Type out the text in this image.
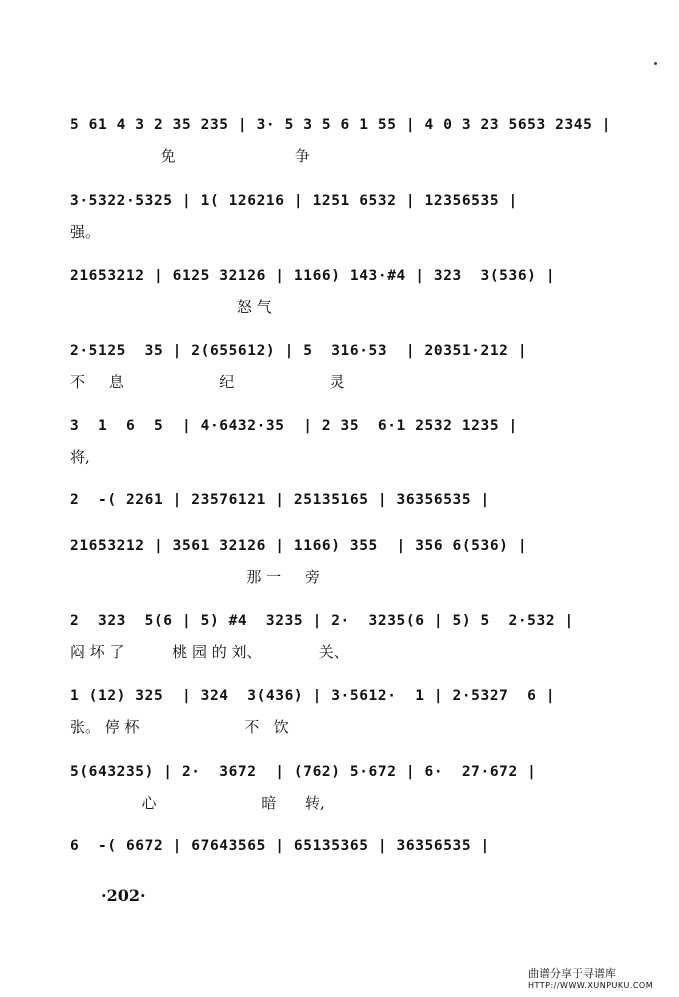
5 61 4 3 2 35 235 | 3· 5 3 5 6 1 5⁢5 | 4 0 3 23 5653 2345 |
免                         争
3·5322·5325 | 1( 126216 | 1251 6532 | 12356535 |
强。
21653212 | 6125 32126 | 1166) 143·#4 | 323  3(536) |
怒 气
2·5125  35 | 2(655612) | 5  316·53  | 20351·212 |
不     息                    纪                    灵
3  1  6  5  | 4·6432·35  | 2 35  6·1 2532 1235 |
将,
2  -( 2261 | 23576121 | 25135165 | 36356535 |
21653212 | 3561 32126 | 1166) 355  | 356 6(536) |
那 一     旁
2  323  5(6 | 5) #4  3235 | 2·  3235(6 | 5) 5  2·532 |
闷 坏 了          桃 园 的 刘、            关、
1 (12) 325  | 324  3(436) | 3·5612·  1 | 2·5327  6 |
张。 停 杯                      不   饮
5(643235) | 2·  3672  | (762) 5·672 | 6·  27·672 |
心                      暗      转,
6  -( 6672 | 67643565 | 65135365 | 36356535 |
·202·
曲谱分享于寻谱库
HTTP://WWW.XUNPUKU.COM
